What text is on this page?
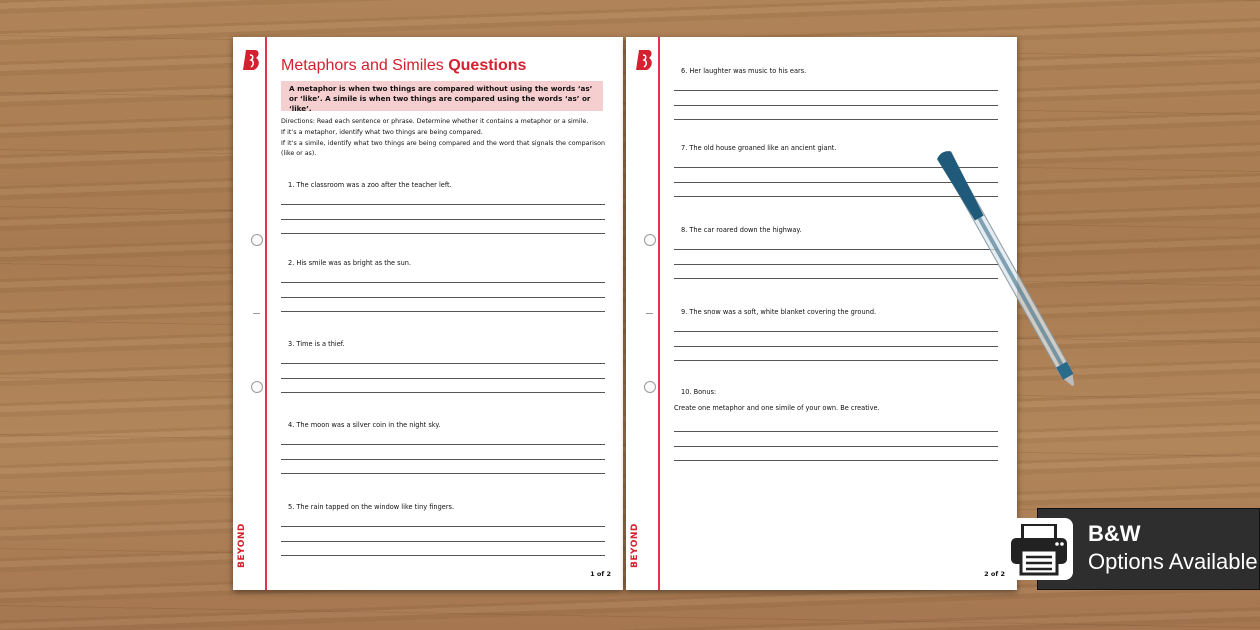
BEYOND
Metaphors and Similes Questions
A metaphor is when two things are compared without using the words ‘as’ or ‘like’. A simile is when two things are compared using the words ‘as’ or ‘like’.
Directions: Read each sentence or phrase. Determine whether it contains a metaphor or a simile.
If it’s a metaphor, identify what two things are being compared.
If it’s a simile, identify what two things are being compared and the word that signals the comparison (like or as).
1 of 2
1. The classroom was a zoo after the teacher left.
2. His smile was as bright as the sun.
3. Time is a thief.
4. The moon was a silver coin in the night sky.
5. The rain tapped on the window like tiny fingers.
BEYOND
Create one metaphor and one simile of your own. Be creative.
2 of 2
6. Her laughter was music to his ears.
7. The old house groaned like an ancient giant.
8. The car roared down the highway.
9. The snow was a soft, white blanket covering the ground.
10. Bonus:
B&W
Options Available
